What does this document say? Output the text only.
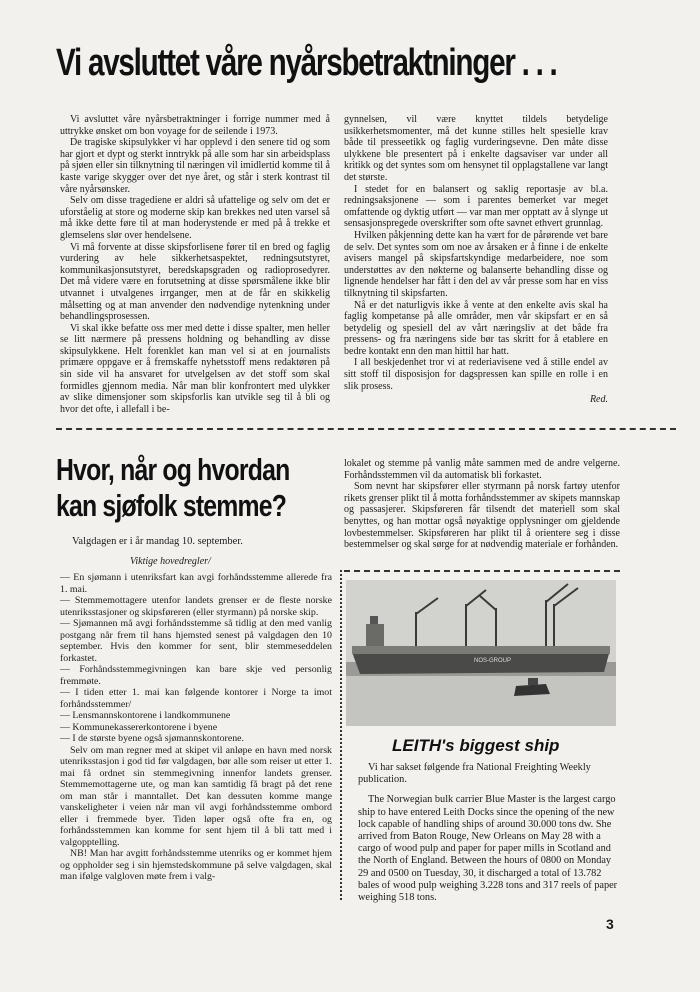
Vi avsluttet våre nyårsbetraktninger . . .

Vi avsluttet våre nyårsbetraktninger i forrige nummer med å uttrykke ønsket om bon voyage for de seilende i 1973.

De tragiske skipsulykker vi har opplevd i den senere tid og som har gjort et dypt og sterkt inntrykk på alle som har sin arbeidsplass på sjøen eller sin tilknytning til næringen vil imidlertid komme til å kaste varige skygger over det nye året, og står i sterk kontrast til våre nyårsønsker.

Selv om disse tragediene er aldri så ufattelige og selv om det er uforståelig at store og moderne skip kan brekkes ned uten varsel så må ikke dette føre til at man hoderystende er med på å trekke et glemselens slør over hendelsene.

Vi må forvente at disse skipsforlisene fører til en bred og faglig vurdering av hele sikkerhetsaspektet, redningsutstyret, kommunikasjonsutstyret, beredskapsgraden og radioprosedyrer. Det må videre være en forutsetning at disse spørsmålene ikke blir utvannet i utvalgenes irrganger, men at de får en skikkelig målsetting og at man anvender den nødvendige nytenkning under behandlingsprosessen.

Vi skal ikke befatte oss mer med dette i disse spalter, men heller se litt nærmere på pressens holdning og behandling av disse skipsulykkene. Helt forenklet kan man vel si at en journalists primære oppgave er å fremskaffe nyhetsstoff mens redaktøren på sin side vil ha ansvaret for utvelgelsen av det stoff som skal formidles gjennom media. Når man blir konfrontert med ulykker av slike dimensjoner som skipsforlis kan utvikle seg til å bli og hvor det ofte, i allefall i be-

gynnelsen, vil være knyttet tildels betydelige usikkerhetsmomenter, må det kunne stilles helt spesielle krav både til presseetikk og faglig vurderingsevne. Den måte disse ulykkene ble presentert på i enkelte dagsaviser var under all kritikk og det syntes som om hensynet til opplagstallene var langt det største.

I stedet for en balansert og saklig reportasje av bl.a. redningsaksjonene — som i parentes bemerket var meget omfattende og dyktig utført — var man mer opptatt av å slynge ut sensasjonspregede overskrifter som ofte savnet ethvert grunnlag.

Hvilken påkjenning dette kan ha vært for de pårørende vet bare de selv. Det syntes som om noe av årsaken er å finne i de enkelte avisers mangel på skipsfartskyndige medarbeidere, noe som understøttes av den nøkterne og balanserte behandling disse og lignende hendelser har fått i den del av vår presse som har en viss tilknytning til skipsfarten.

Nå er det naturligvis ikke å vente at den enkelte avis skal ha faglig kompetanse på alle områder, men vår skipsfart er en så betydelig og spesiell del av vårt næringsliv at det både fra pressens- og fra næringens side bør tas skritt for å etablere en bedre kontakt enn den man hittil har hatt.

I all beskjedenhet tror vi at rederiavisene ved å stille endel av sitt stoff til disposisjon for dagspressen kan spille en rolle i en slik prosess.

Red.
Hvor, når og hvordan
kan sjøfolk stemme?
Valgdagen er i år mandag 10. september.
Viktige hovedregler/

— En sjømann i utenriksfart kan avgi forhåndsstemme allerede fra 1. mai.

— Stemmemottagere utenfor landets grenser er de fleste norske utenriksstasjoner og skipsføreren (eller styrmann) på norske skip.

— Sjømannen må avgi forhåndsstemme så tidlig at den med vanlig postgang når frem til hans hjemsted senest på valgdagen den 10 september. Hvis den kommer for sent, blir stemmeseddelen forkastet.

— Forhåndsstemmegivningen kan bare skje ved personlig fremmøte.

— I tiden etter 1. mai kan følgende kontorer i Norge ta imot forhåndsstemmer/

— Lensmannskontorene i landkommunene

— Kommunekassererkontorene i byene

— I de største byene også sjømannskontorene.

Selv om man regner med at skipet vil anløpe en havn med norsk utenriksstasjon i god tid før valgdagen, bør alle som reiser ut etter 1. mai få ordnet sin stemmegivning innenfor landets grenser. Stemmemottagerne ute, og man kan samtidig få bragt på det rene om man står i manntallet. Det kan dessuten komme mange vanskeligheter i veien når man vil avgi forhåndsstemme ombord eller i fremmede byer. Tiden løper også ofte fra en, og forhåndsstemmen kan komme for sent hjem til å bli tatt med i valgopptelling.

NB! Man har avgitt forhåndsstemme utenriks og er kommet hjem og oppholder seg i sin hjemstedskommune på selve valgdagen, skal man ifølge valgloven møte frem i valg-

lokalet og stemme på vanlig måte sammen med de andre velgerne. Forhåndsstemmen vil da automatisk bli forkastet.

Som nevnt har skipsfører eller styrmann på norsk fartøy utenfor rikets grenser plikt til å motta forhåndsstemmer av skipets mannskap og passasjerer. Skipsføreren får tilsendt det materiell som skal benyttes, og han mottar også nøyaktige opplysninger om gjeldende lovbestemmelser. Skipsføreren har plikt til å orientere seg i disse bestemmelser og skal sørge for at nødvendig materiale er forhånden.

NOS-GROUP
LEITH's biggest ship

Vi har sakset følgende fra National Freighting Weekly publication.

The Norwegian bulk carrier Blue Master is the largest cargo ship to have entered Leith Docks since the opening of the new lock capable of handling ships of around 30.000 tons dw. She arrived from Baton Rouge, New Orleans on May 28 with a cargo of wood pulp and paper for paper mills in Scotland and the North of England. Between the hours of 0800 on Monday 29 and 0500 on Tuesday, 30, it discharged a total of 13.782 bales of wood pulp weighing 3.228 tons and 317 reels of paper weighing 518 tons.

3
